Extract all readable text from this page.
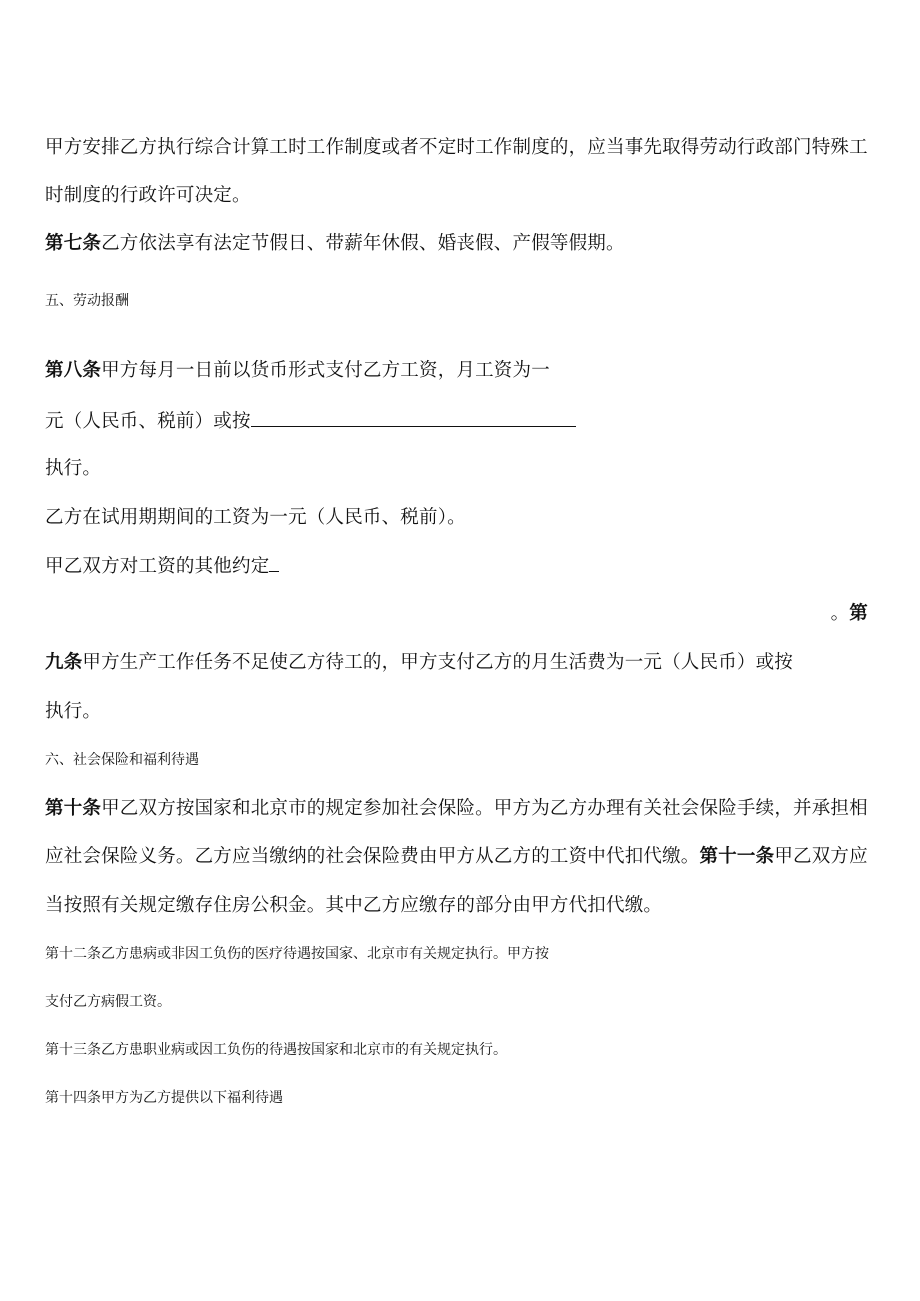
甲方安排乙方执行综合计算工时工作制度或者不定时工作制度的，应当事先取得劳动行政部门特殊工
时制度的行政许可决定。
第七条乙方依法享有法定节假日、带薪年休假、婚丧假、产假等假期。
五、劳动报酬
第八条甲方每月一日前以货币形式支付乙方工资，月工资为一
元（人民币、税前）或按
执行。
乙方在试用期期间的工资为一元（人民币、税前）。
甲乙双方对工资的其他约定
。第
九条甲方生产工作任务不足使乙方待工的，甲方支付乙方的月生活费为一元（人民币）或按
执行。
六、社会保险和福利待遇
第十条甲乙双方按国家和北京市的规定参加社会保险。甲方为乙方办理有关社会保险手续，并承担相
应社会保险义务。乙方应当缴纳的社会保险费由甲方从乙方的工资中代扣代缴。第十一条甲乙双方应
当按照有关规定缴存住房公积金。其中乙方应缴存的部分由甲方代扣代缴。
第十二条乙方患病或非因工负伤的医疗待遇按国家、北京市有关规定执行。甲方按
支付乙方病假工资。
第十三条乙方患职业病或因工负伤的待遇按国家和北京市的有关规定执行。
第十四条甲方为乙方提供以下福利待遇
